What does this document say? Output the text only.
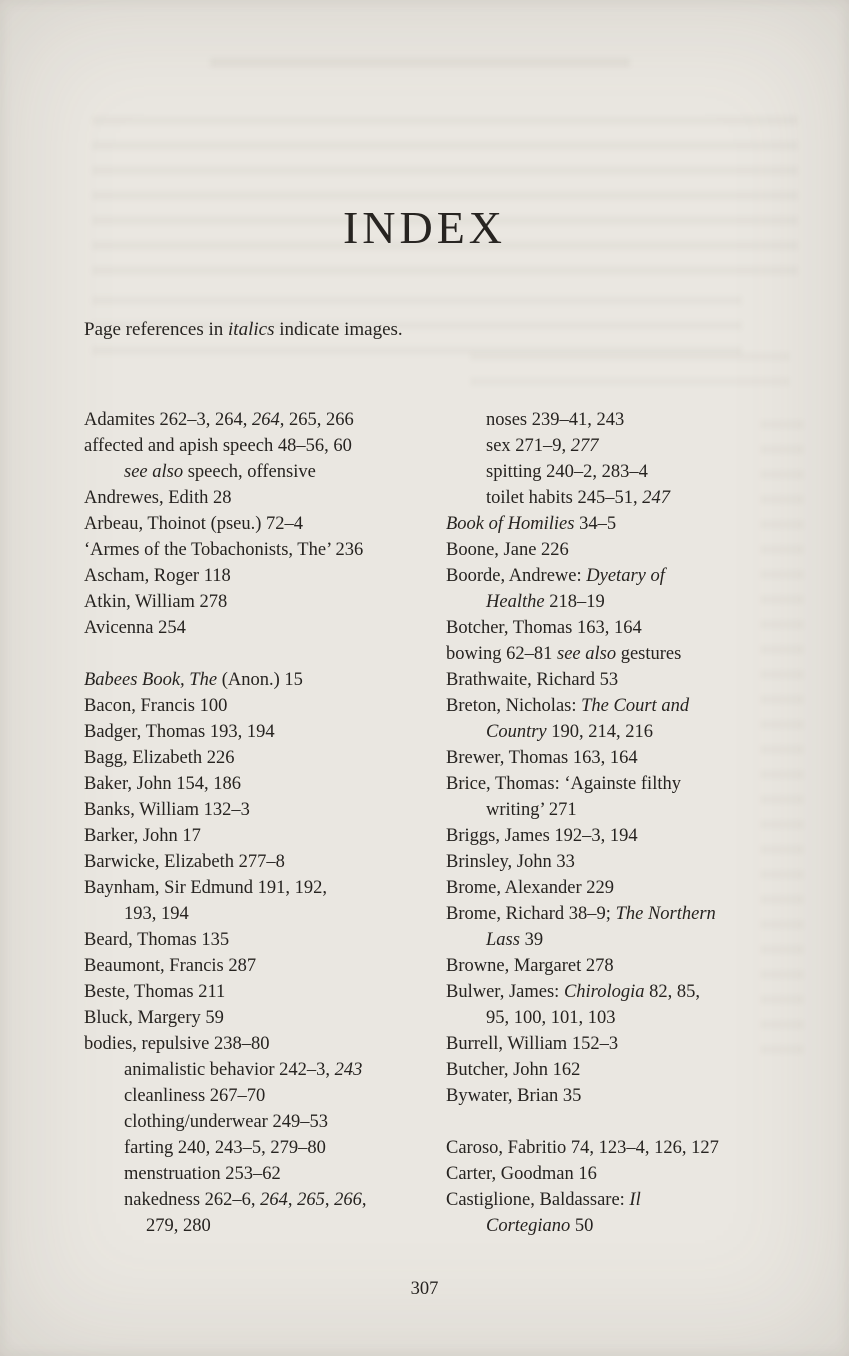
INDEX

Page references in italics indicate images.

Adamites 262–3, 264, 264, 265, 266
affected and apish speech 48–56, 60
see also speech, offensive
Andrewes, Edith 28
Arbeau, Thoinot (pseu.) 72–4
‘Armes of the Tobachonists, The’ 236
Ascham, Roger 118
Atkin, William 278
Avicenna 254
Babees Book, The (Anon.) 15
Bacon, Francis 100
Badger, Thomas 193, 194
Bagg, Elizabeth 226
Baker, John 154, 186
Banks, William 132–3
Barker, John 17
Barwicke, Elizabeth 277–8
Baynham, Sir Edmund 191, 192,
193, 194
Beard, Thomas 135
Beaumont, Francis 287
Beste, Thomas 211
Bluck, Margery 59
bodies, repulsive 238–80
animalistic behavior 242–3, 243
cleanliness 267–70
clothing/underwear 249–53
farting 240, 243–5, 279–80
menstruation 253–62
nakedness 262–6, 264, 265, 266,
279, 280
noses 239–41, 243
sex 271–9, 277
spitting 240–2, 283–4
toilet habits 245–51, 247
Book of Homilies 34–5
Boone, Jane 226
Boorde, Andrewe: Dyetary of
Healthe 218–19
Botcher, Thomas 163, 164
bowing 62–81 see also gestures
Brathwaite, Richard 53
Breton, Nicholas: The Court and
Country 190, 214, 216
Brewer, Thomas 163, 164
Brice, Thomas: ‘Againste filthy
writing’ 271
Briggs, James 192–3, 194
Brinsley, John 33
Brome, Alexander 229
Brome, Richard 38–9; The Northern
Lass 39
Browne, Margaret 278
Bulwer, James: Chirologia 82, 85,
95, 100, 101, 103
Burrell, William 152–3
Butcher, John 162
Bywater, Brian 35
Caroso, Fabritio 74, 123–4, 126, 127
Carter, Goodman 16
Castiglione, Baldassare: Il
Cortegiano 50
307
